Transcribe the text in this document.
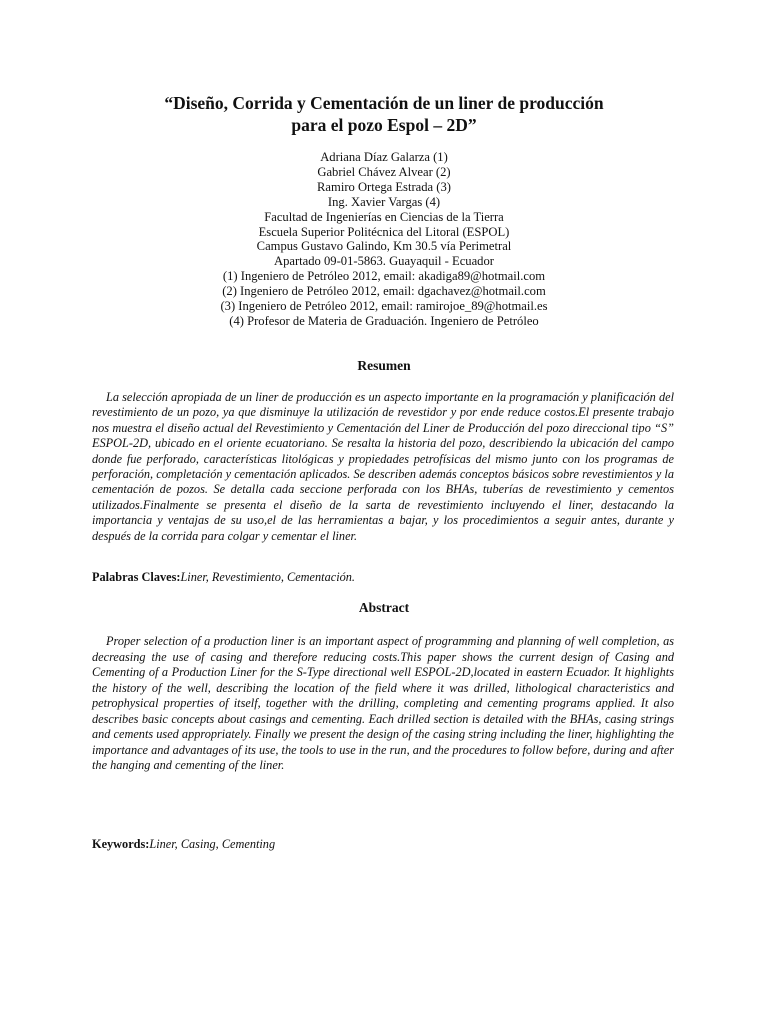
“Diseño, Corrida y Cementación de un liner de producción
para el pozo Espol – 2D”
Adriana Díaz Galarza (1)
Gabriel Chávez Alvear (2)
Ramiro Ortega Estrada (3)
Ing. Xavier Vargas (4)
Facultad de Ingenierías en Ciencias de la Tierra
Escuela Superior Politécnica del Litoral (ESPOL)
Campus Gustavo Galindo, Km 30.5 vía Perimetral
Apartado 09-01-5863. Guayaquil - Ecuador
(1) Ingeniero de Petróleo 2012, email: akadiga89@hotmail.com
(2) Ingeniero de Petróleo 2012, email: dgachavez@hotmail.com
(3) Ingeniero de Petróleo 2012, email: ramirojoe_89@hotmail.es
(4) Profesor de Materia de Graduación. Ingeniero de Petróleo
Resumen

La selección apropiada de un liner de producción es un aspecto importante en la programación y planificación del revestimiento de un pozo, ya que disminuye la utilización de revestidor y por ende reduce costos.El presente trabajo nos muestra el diseño actual del Revestimiento y Cementación del Liner de Producción del pozo direccional tipo “S” ESPOL-2D, ubicado en el oriente ecuatoriano. Se resalta la historia del pozo, describiendo la ubicación del campo donde fue perforado, características litológicas y propiedades petrofísicas del mismo junto con los programas de perforación, completación y cementación aplicados. Se describen además conceptos básicos sobre revestimientos y la cementación de pozos. Se detalla cada seccione perforada con los BHAs, tuberías de revestimiento y cementos utilizados.Finalmente se presenta el diseño de la sarta de revestimiento incluyendo el liner, destacando la importancia y ventajas de su uso,el de las herramientas a bajar, y los procedimientos a seguir antes, durante y después de la corrida para colgar y cementar el liner.

Palabras Claves:Liner, Revestimiento, Cementación.
Abstract

Proper selection of a production liner is an important aspect of programming and planning of well completion, as decreasing the use of casing and therefore reducing costs.This paper shows the current design of Casing and Cementing of a Production Liner for the S-Type directional well ESPOL-2D,located in eastern Ecuador. It highlights the history of the well, describing the location of the field where it was drilled, lithological characteristics and petrophysical properties of itself, together with the drilling, completing and cementing programs applied. It also describes basic concepts about casings and cementing. Each drilled section is detailed with the BHAs, casing strings and cements used appropriately. Finally we present the design of the casing string including the liner, highlighting the importance and advantages of its use, the tools to use in the run, and the procedures to follow before, during and after the hanging and cementing of the liner.

Keywords:Liner, Casing, Cementing
